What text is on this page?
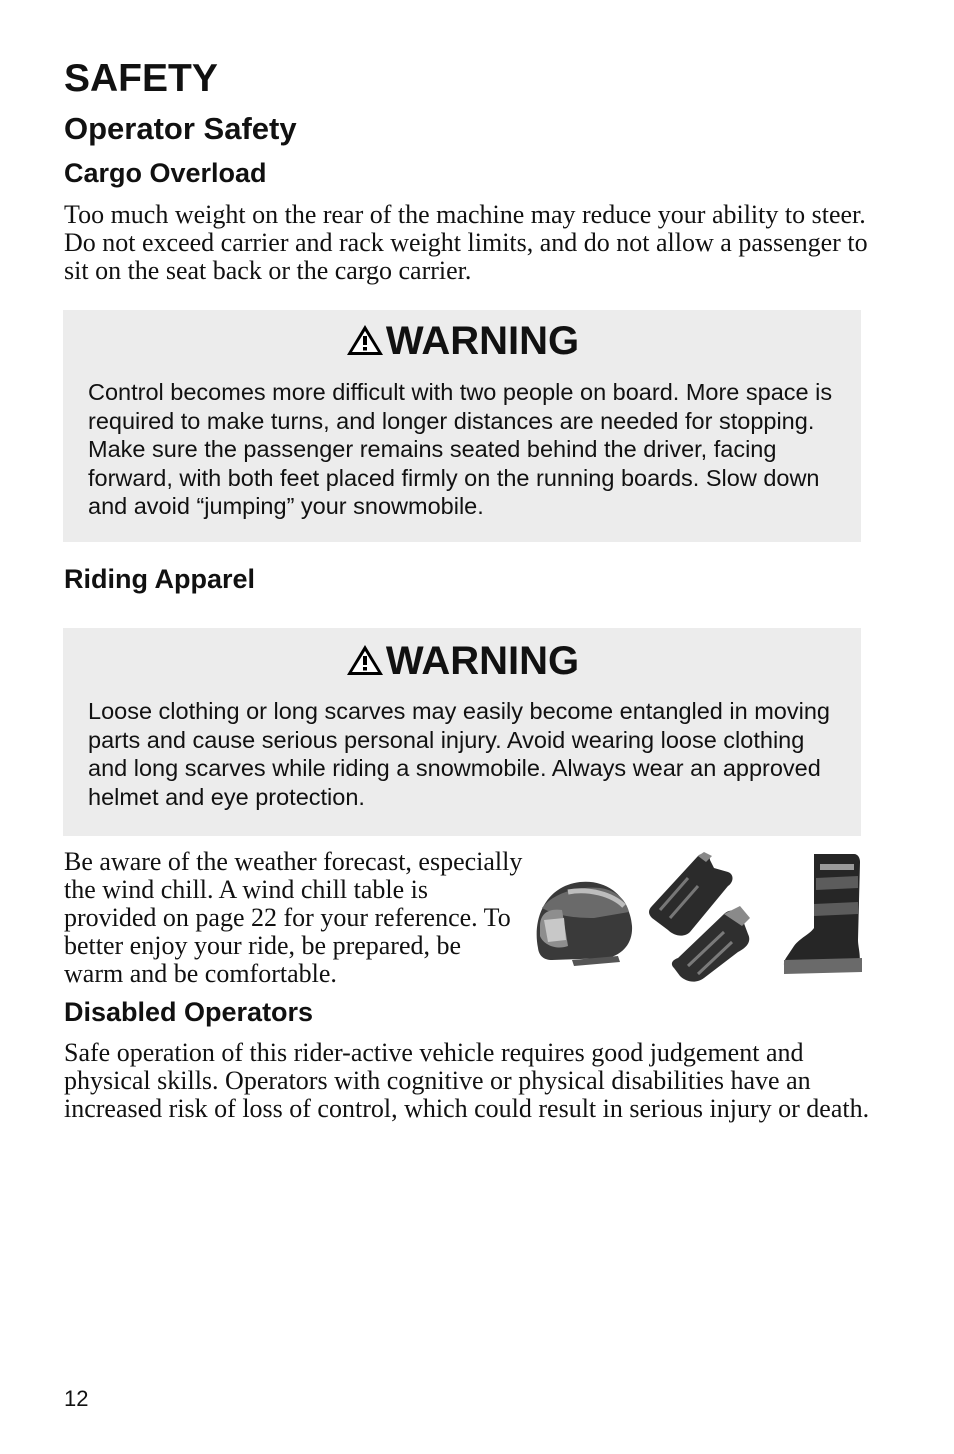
SAFETY
Operator Safety
Cargo Overload

Too much weight on the rear of the machine may reduce your ability to steer. Do not exceed carrier and rack weight limits, and do not allow a passenger to sit on the seat back or the cargo carrier.

WARNING

Control becomes more difficult with two people on board. More space is required to make turns, and longer distances are needed for stopping. Make sure the passenger remains seated behind the driver, facing forward, with both feet placed firmly on the running boards. Slow down and avoid “jumping” your snowmobile.

Riding Apparel
WARNING

Loose clothing or long scarves may easily become entangled in moving parts and cause serious personal injury. Avoid wearing loose clothing and long scarves while riding a snowmobile. Always wear an approved helmet and eye protection.

Be aware of the weather forecast, especially the wind chill. A wind chill table is provided on page 22 for your reference. To better enjoy your ride, be prepared, be warm and be comfortable.

Disabled Operators

Safe operation of this rider-active vehicle requires good judgement and physical skills. Operators with cognitive or physical disabilities have an increased risk of loss of control, which could result in serious injury or death.

12
